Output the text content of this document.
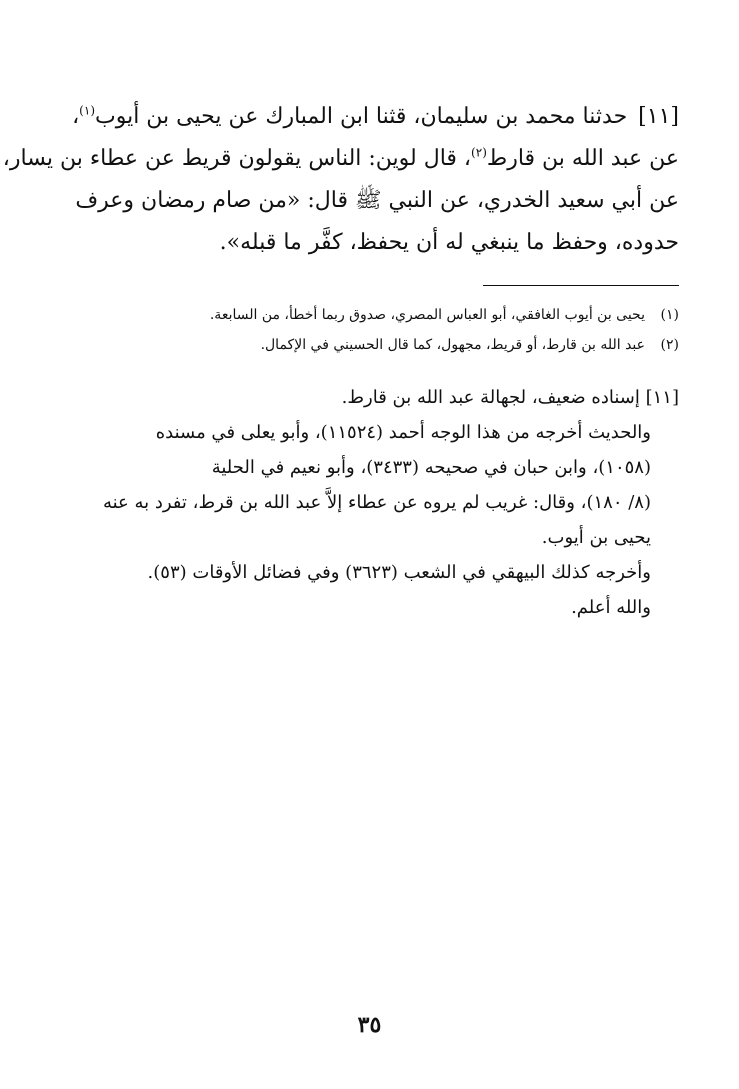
[١١] حدثنا محمد بن سليمان، قثنا ابن المبارك عن يحيى بن أيوب$^{(١)}$،
عن عبد الله بن قارط$^{(٢)}$، قال لوين: الناس يقولون قريط عن عطاء بن يسار،
عن أبي سعيد الخدري، عن النبي ﷺ قال: «من صام رمضان وعرف
حدوده، وحفظ ما ينبغي له أن يحفظ، كفَّر ما قبله».
(١)يحيى بن أيوب الغافقي، أبو العباس المصري، صدوق ربما أخطأ، من السابعة.
(٢)عبد الله بن قارط، أو قريط، مجهول، كما قال الحسيني في الإكمال.
[١١] إسناده ضعيف، لجهالة عبد الله بن قارط.
والحديث أخرجه من هذا الوجه أحمد (١١٥٢٤)، وأبو يعلى في مسنده
(١٠٥٨)، وابن حبان في صحيحه (٣٤٣٣)، وأبو نعيم في الحلية
(٨/ ١٨٠)، وقال: غريب لم يروه عن عطاء إلاَّ عبد الله بن قرط، تفرد به عنه
يحيى بن أيوب.
وأخرجه كذلك البيهقي في الشعب (٣٦٢٣) وفي فضائل الأوقات (٥٣).
والله أعلم.
٣٥
